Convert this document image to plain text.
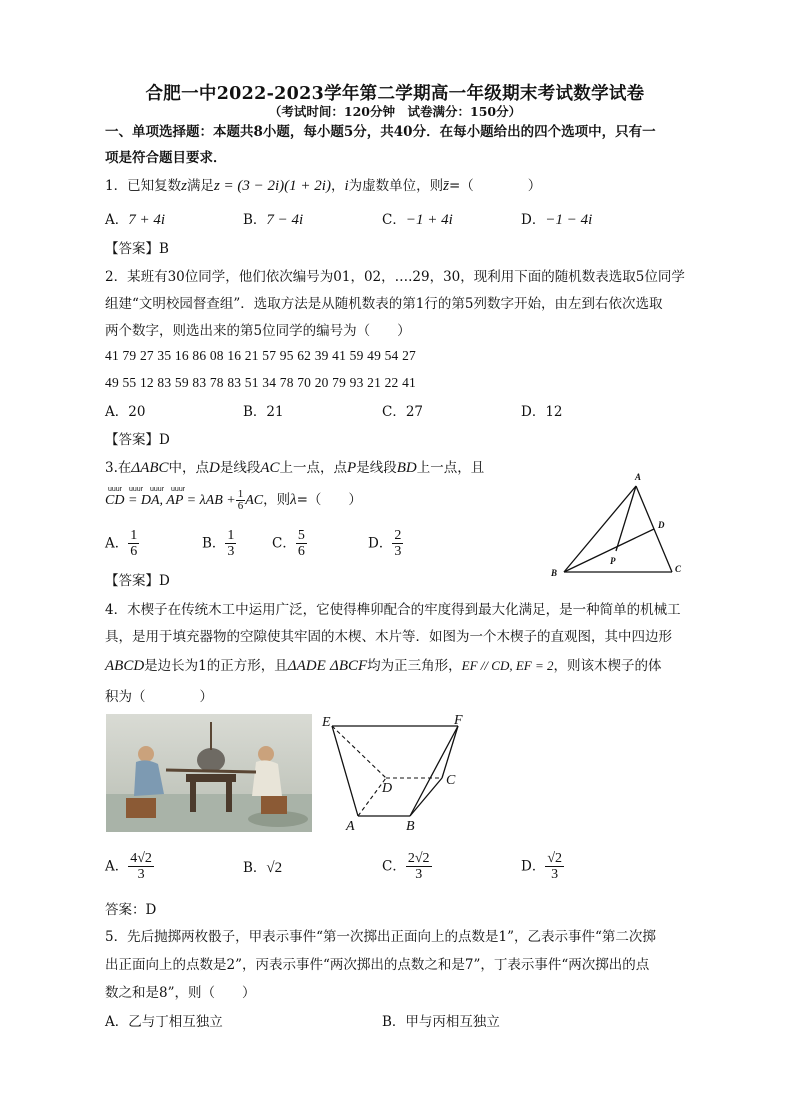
合肥一中2022-2023学年第二学期高一年级期末考试数学试卷
（考试时间：120分钟　试卷满分：150分）
一、单项选择题：本题共8小题，每小题5分，共40分．在每小题给出的四个选项中，只有一
项是符合题目要求．
1．已知复数z满足z = (3 − 2i)(1 + 2i)，i为虚数单位，则z̄=（　　　　）
A．7 + 4i	B．7 − 4i	C．−1 + 4i	D．−1 − 4i
【答案】B
2．某班有30位同学，他们依次编号为01，02，….29，30，现利用下面的随机数表选取5位同学
组建“文明校园督查组”．选取方法是从随机数表的第1行的第5列数字开始，由左到右依次选取
两个数字，则选出来的第5位同学的编号为（　　）
41 79 27 35 16 86 08 16 21 57 95 62 39 41 59 49 54 27
49 55 12 83 59 83 78 83 51 34 78 70 20 79 93 21 22 41
A．20	B．21	C．27	D．12
【答案】D
3.在ΔABC中，点D是线段AC上一点，点P是线段BD上一点，且
uuur　uuur　uuur　uuur
CD = DA, AP = $\lambda AB + \frac{1}{6}$ AC，则λ=（　　）
A． $\frac{1}{6}$	B． $\frac{1}{3}$	C． $\frac{5}{6}$	D． $\frac{2}{3}$
【答案】D
A
B	C
D
P
4．木楔子在传统木工中运用广泛，它使得榫卯配合的牢度得到最大化满足，是一种简单的机械工
具，是用于填充器物的空隙使其牢固的木楔、木片等．如图为一个木楔子的直观图，其中四边形
ABCD是边长为1的正方形，且ΔADE ΔBCF均为正三角形，EF // CD, EF = 2，则该木楔子的体
积为（　　　　）
E	F
D
C
A	B
A． $\frac{4√2}{3}$	B．√2	C． $\frac{2√2}{3}$	D． $\frac{√2}{3}$
答案：D
5．先后抛掷两枚骰子，甲表示事件“第一次掷出正面向上的点数是1”，乙表示事件“第二次掷
出正面向上的点数是2”，丙表示事件“两次掷出的点数之和是7”，丁表示事件“两次掷出的点
数之和是8”，则（　　）
A．乙与丁相互独立	B．甲与丙相互独立
